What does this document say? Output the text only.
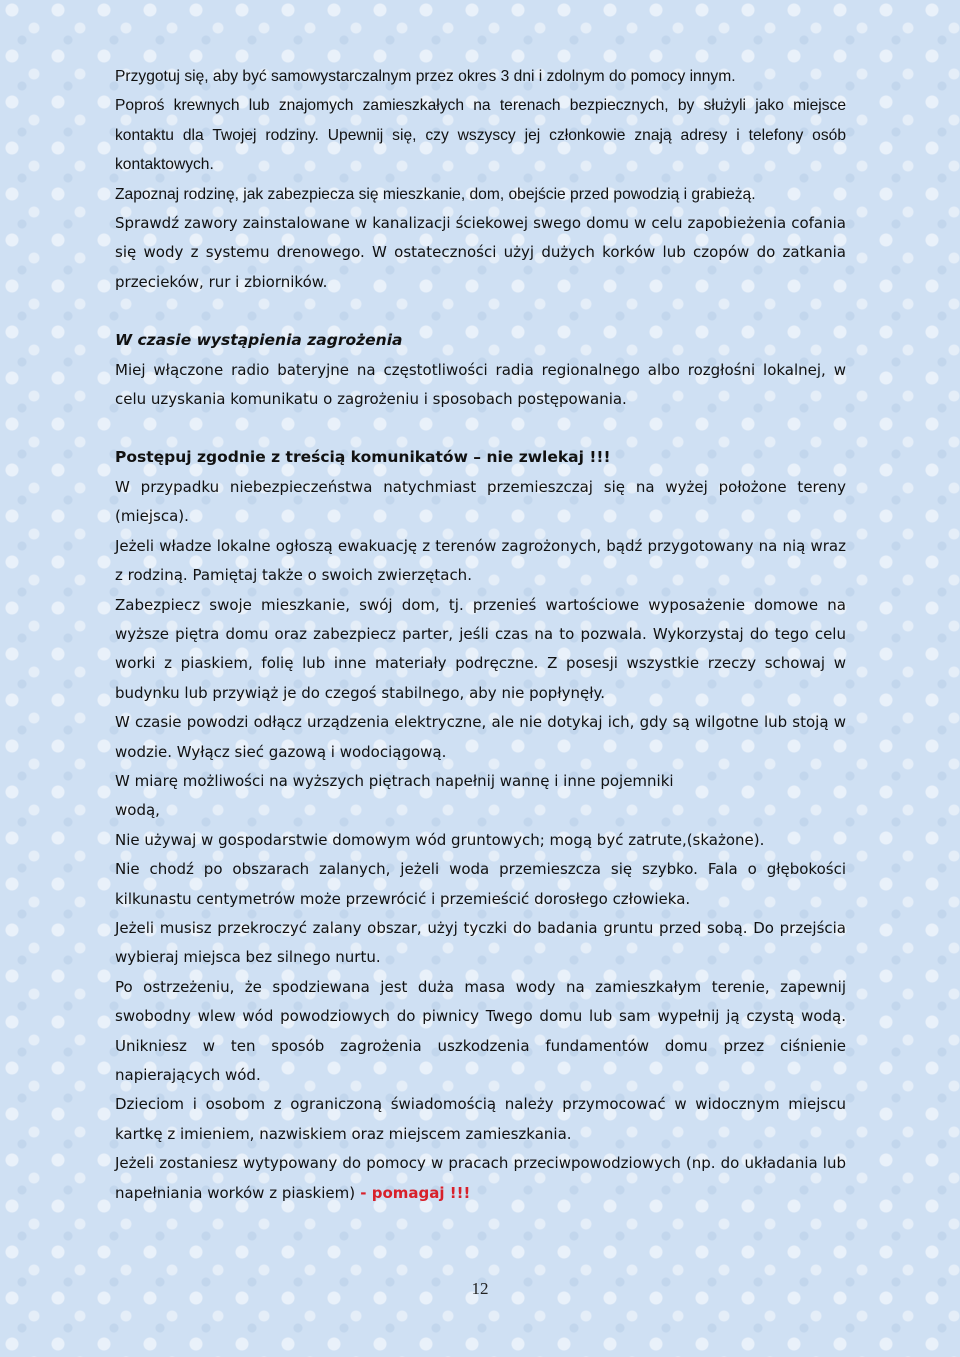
Przygotuj się, aby być samowystarczalnym przez okres 3 dni i zdolnym do pomocy innym.

Poproś krewnych lub znajomych zamieszkałych na terenach bezpiecznych, by służyli jako miejsce kontaktu dla Twojej rodziny. Upewnij się, czy wszyscy jej członkowie znają adresy i telefony osób kontaktowych.

Zapoznaj rodzinę, jak zabezpiecza się mieszkanie, dom, obejście przed powodzią i grabieżą.

Sprawdź zawory zainstalowane w kanalizacji ściekowej swego domu w celu zapobieżenia cofania się wody z systemu drenowego. W ostateczności użyj dużych korków lub czopów do zatkania przecieków, rur i zbiorników.

W czasie wystąpienia zagrożenia

Miej włączone radio bateryjne na częstotliwości radia regionalnego albo rozgłośni lokalnej, w celu uzyskania komunikatu o zagrożeniu i sposobach postępowania.

Postępuj zgodnie z treścią komunikatów – nie zwlekaj !!!

W przypadku niebezpieczeństwa natychmiast przemieszczaj się na wyżej położone tereny (miejsca).

Jeżeli władze lokalne ogłoszą ewakuację z terenów zagrożonych, bądź przygotowany na nią wraz z rodziną. Pamiętaj także o swoich zwierzętach.

Zabezpiecz swoje mieszkanie, swój dom, tj. przenieś wartościowe wyposażenie domowe na wyższe piętra domu oraz zabezpiecz parter, jeśli czas na to pozwala. Wykorzystaj do tego celu worki z piaskiem, folię lub inne materiały podręczne. Z posesji wszystkie rzeczy schowaj w budynku lub przywiąż je do czegoś stabilnego, aby nie popłynęły.

W czasie powodzi odłącz urządzenia elektryczne, ale nie dotykaj ich, gdy są wilgotne lub stoją w wodzie. Wyłącz sieć gazową i wodociągową.

W miarę możliwości na wyższych piętrach napełnij wannę i inne pojemniki

wodą,

Nie używaj w gospodarstwie domowym wód gruntowych; mogą być zatrute,(skażone).

Nie chodź po obszarach zalanych, jeżeli woda przemieszcza się szybko. Fala o głębokości kilkunastu centymetrów może przewrócić i przemieścić dorosłego człowieka.

Jeżeli musisz przekroczyć zalany obszar, użyj tyczki do badania gruntu przed sobą. Do przejścia wybieraj miejsca bez silnego nurtu.

Po ostrzeżeniu, że spodziewana jest duża masa wody na zamieszkałym terenie, zapewnij swobodny wlew wód powodziowych do piwnicy Twego domu lub sam wypełnij ją czystą wodą. Unikniesz w ten sposób zagrożenia uszkodzenia fundamentów domu przez ciśnienie napierających wód.

Dzieciom i osobom z ograniczoną świadomością należy przymocować w widocznym miejscu kartkę z imieniem, nazwiskiem oraz miejscem zamieszkania.

Jeżeli zostaniesz wytypowany do pomocy w pracach przeciwpowodziowych (np. do układania lub napełniania worków z piaskiem) - pomagaj !!!

12
